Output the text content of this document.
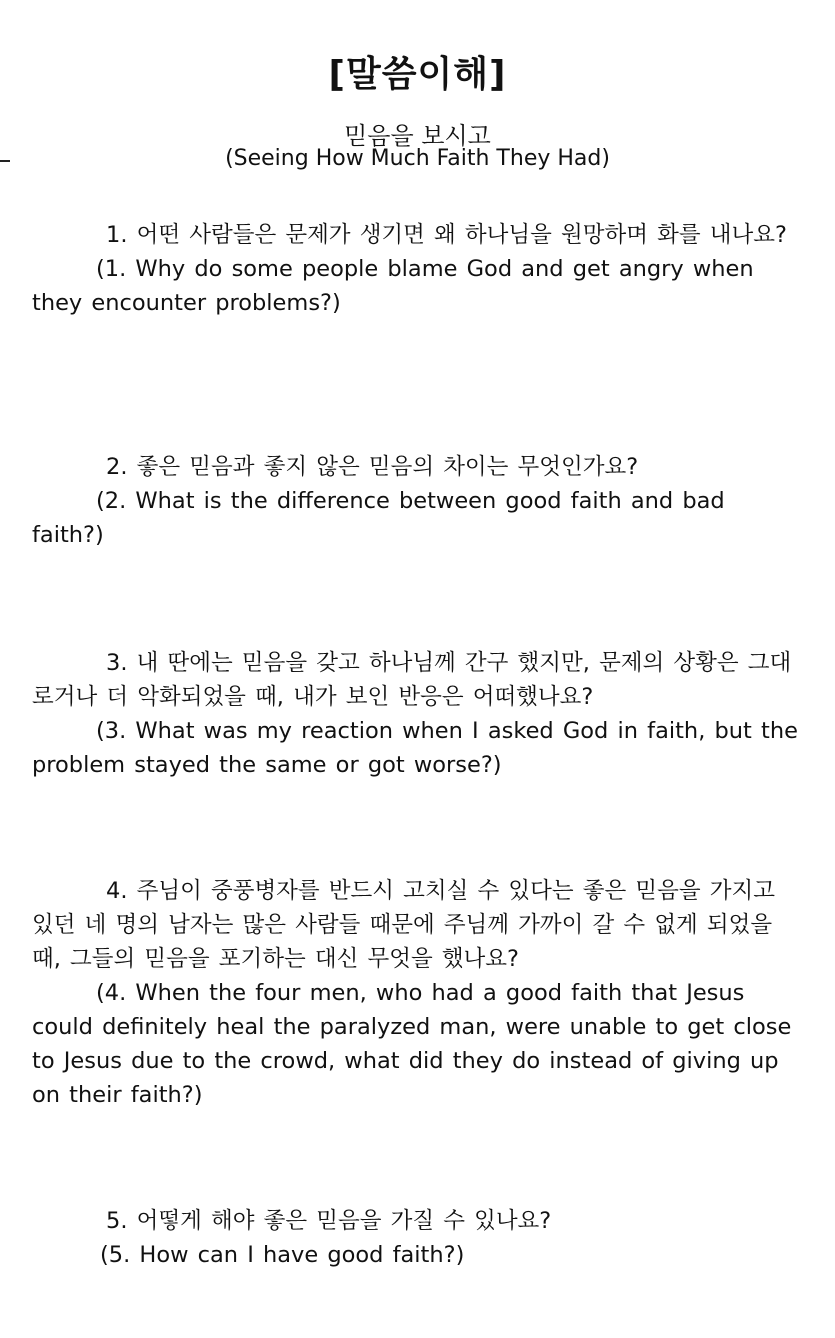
[말씀이해]
믿음을 보시고
(Seeing How Much Faith They Had)

1. 어떤 사람들은 문제가 생기면 왜 하나님을 원망하며 화를 내나요?

(1. Why do some people blame God and get angry when they encounter problems?)

2. 좋은 믿음과 좋지 않은 믿음의 차이는 무엇인가요?

(2. What is the difference between good faith and bad faith?)

3. 내 딴에는 믿음을 갖고 하나님께 간구 했지만, 문제의 상황은 그대로거나 더 악화되었을 때, 내가 보인 반응은 어떠했나요?

(3. What was my reaction when I asked God in faith, but the problem stayed the same or got worse?)

4. 주님이 중풍병자를 반드시 고치실 수 있다는 좋은 믿음을 가지고 있던 네 명의 남자는 많은 사람들 때문에 주님께 가까이 갈 수 없게 되었을 때, 그들의 믿음을 포기하는 대신 무엇을 했나요?

(4. When the four men, who had a good faith that Jesus could definitely heal the paralyzed man, were unable to get close to Jesus due to the crowd, what did they do instead of giving up on their faith?)

5. 어떻게 해야 좋은 믿음을 가질 수 있나요?

(5. How can I have good faith?)
